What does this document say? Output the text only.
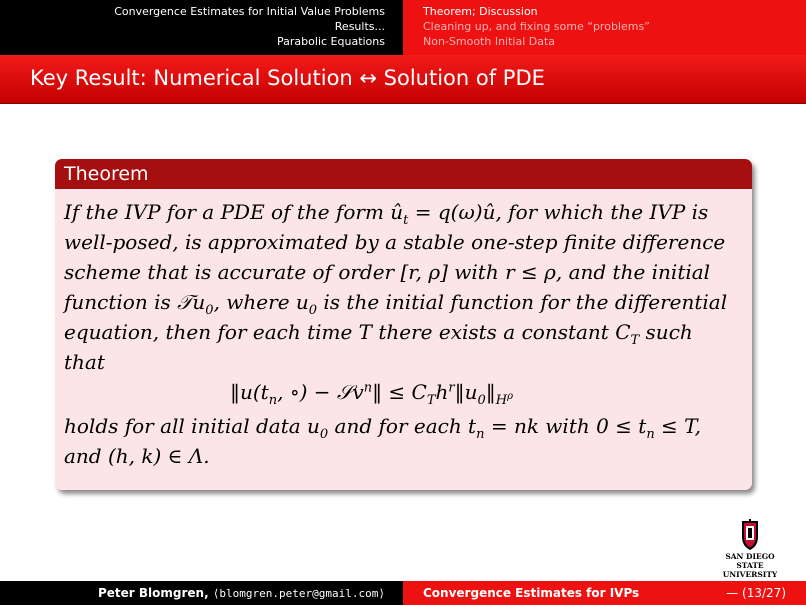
Convergence Estimates for Initial Value Problems
Results...
Parabolic Equations
Theorem; Discussion
Cleaning up, and fixing some “problems”
Non-Smooth Initial Data
Key Result: Numerical Solution ↔ Solution of PDE
Theorem
If the IVP for a PDE of the form $û_t$ = q(ω)û, for which the IVP is
well-posed, is approximated by a stable one-step finite difference
scheme that is accurate of order [r, ρ] with r ≤ ρ, and the initial
function is 𝒯u$_0$, where $u_0$ is the initial function for the differential
equation, then for each time T there exists a constant $C_T$ such
that
$‖u(t_n$, ∘) − 𝒮v$^n$‖ ≤ $C_Th^r‖u_0‖_H\rho$
holds for all initial data $u_0$ and for each $t_n$ = nk with $0 \le t_n \le T$,
and (h, k) ∈ Λ.
SAN DIEGO STATE
UNIVERSITY
Peter Blomgren, ⟨blomgren.peter@gmail.com⟩	Convergence Estimates for IVPs	— (13/27)
